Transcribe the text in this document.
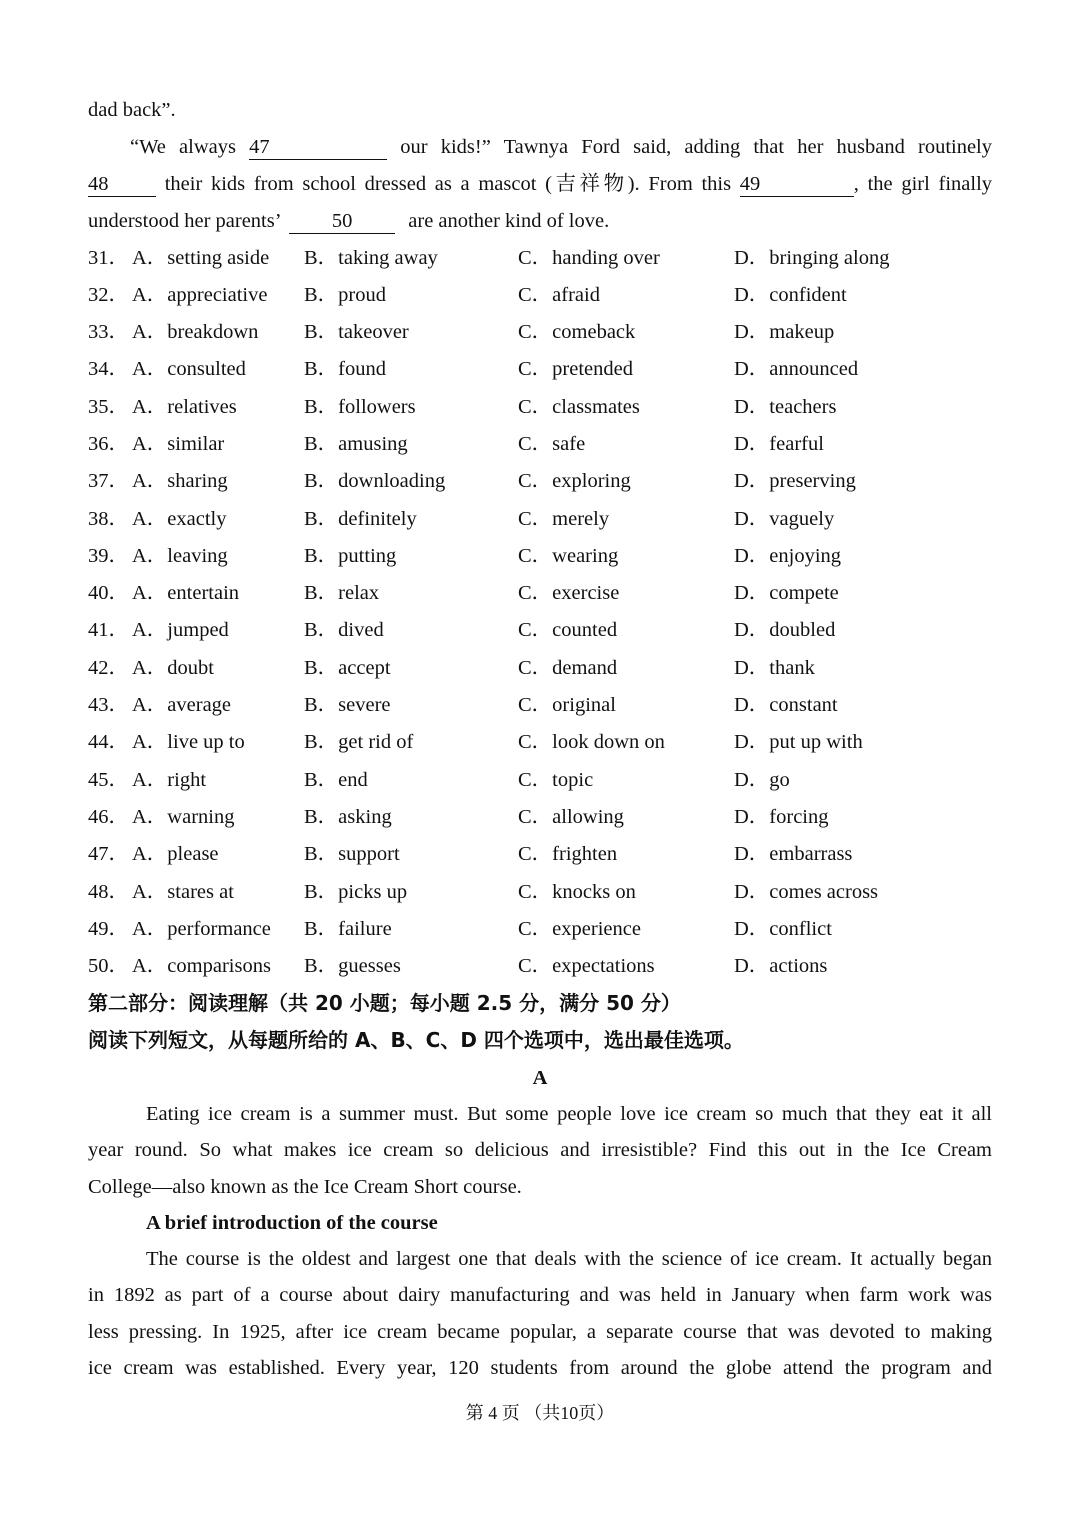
dad back”.
“We always 47	our kids!” Tawnya Ford said, adding that her husband routinely
48	their kids from school dressed as a mascot (吉祥物). From this 49	, the girl finally
understood her parents’	50	are another kind of love.
31． A．setting aside B．taking away	C．handing over	D．bringing along
32． A．appreciative B．proud	C．afraid	D．confident
33． A．breakdown B．takeover	C．comeback	D．makeup
34． A．consulted	B．found	C．pretended	D．announced
35． A．relatives	B．followers	C．classmates	D．teachers
36． A．similar	B．amusing	C．safe	D．fearful
37． A．sharing	B．downloading	C．exploring	D．preserving
38． A．exactly	B．definitely	C．merely	D．vaguely
39． A．leaving	B．putting	C．wearing	D．enjoying
40． A．entertain	B．relax	C．exercise	D．compete
41． A．jumped	B．dived	C．counted	D．doubled
42． A．doubt	B．accept	C．demand	D．thank
43． A．average	B．severe	C．original	D．constant
44． A．live up to	B．get rid of	C．look down on	D．put up with
45． A．right	B．end	C．topic	D．go
46． A．warning	B．asking	C．allowing	D．forcing
47． A．please	B．support	C．frighten	D．embarrass
48． A．stares at	B．picks up	C．knocks on	D．comes across
49． A．performance B．failure	C．experience	D．conflict
50． A．comparisons B．guesses	C．expectations	D．actions
第二部分：阅读理解（共 20 小题；每小题 2.5 分，满分 50 分）
阅读下列短文，从每题所给的 A、B、C、D 四个选项中，选出最佳选项。
A
Eating ice cream is a summer must. But some people love ice cream so much that they eat it all
year round. So what makes ice cream so delicious and irresistible? Find this out in the Ice Cream
College—also known as the Ice Cream Short course.
A brief introduction of the course
The course is the oldest and largest one that deals with the science of ice cream. It actually began
in 1892 as part of a course about dairy manufacturing and was held in January when farm work was
less pressing. In 1925, after ice cream became popular, a separate course that was devoted to making
ice cream was established. Every year, 120 students from around the globe attend the program and
第 4 页 （共10页）
